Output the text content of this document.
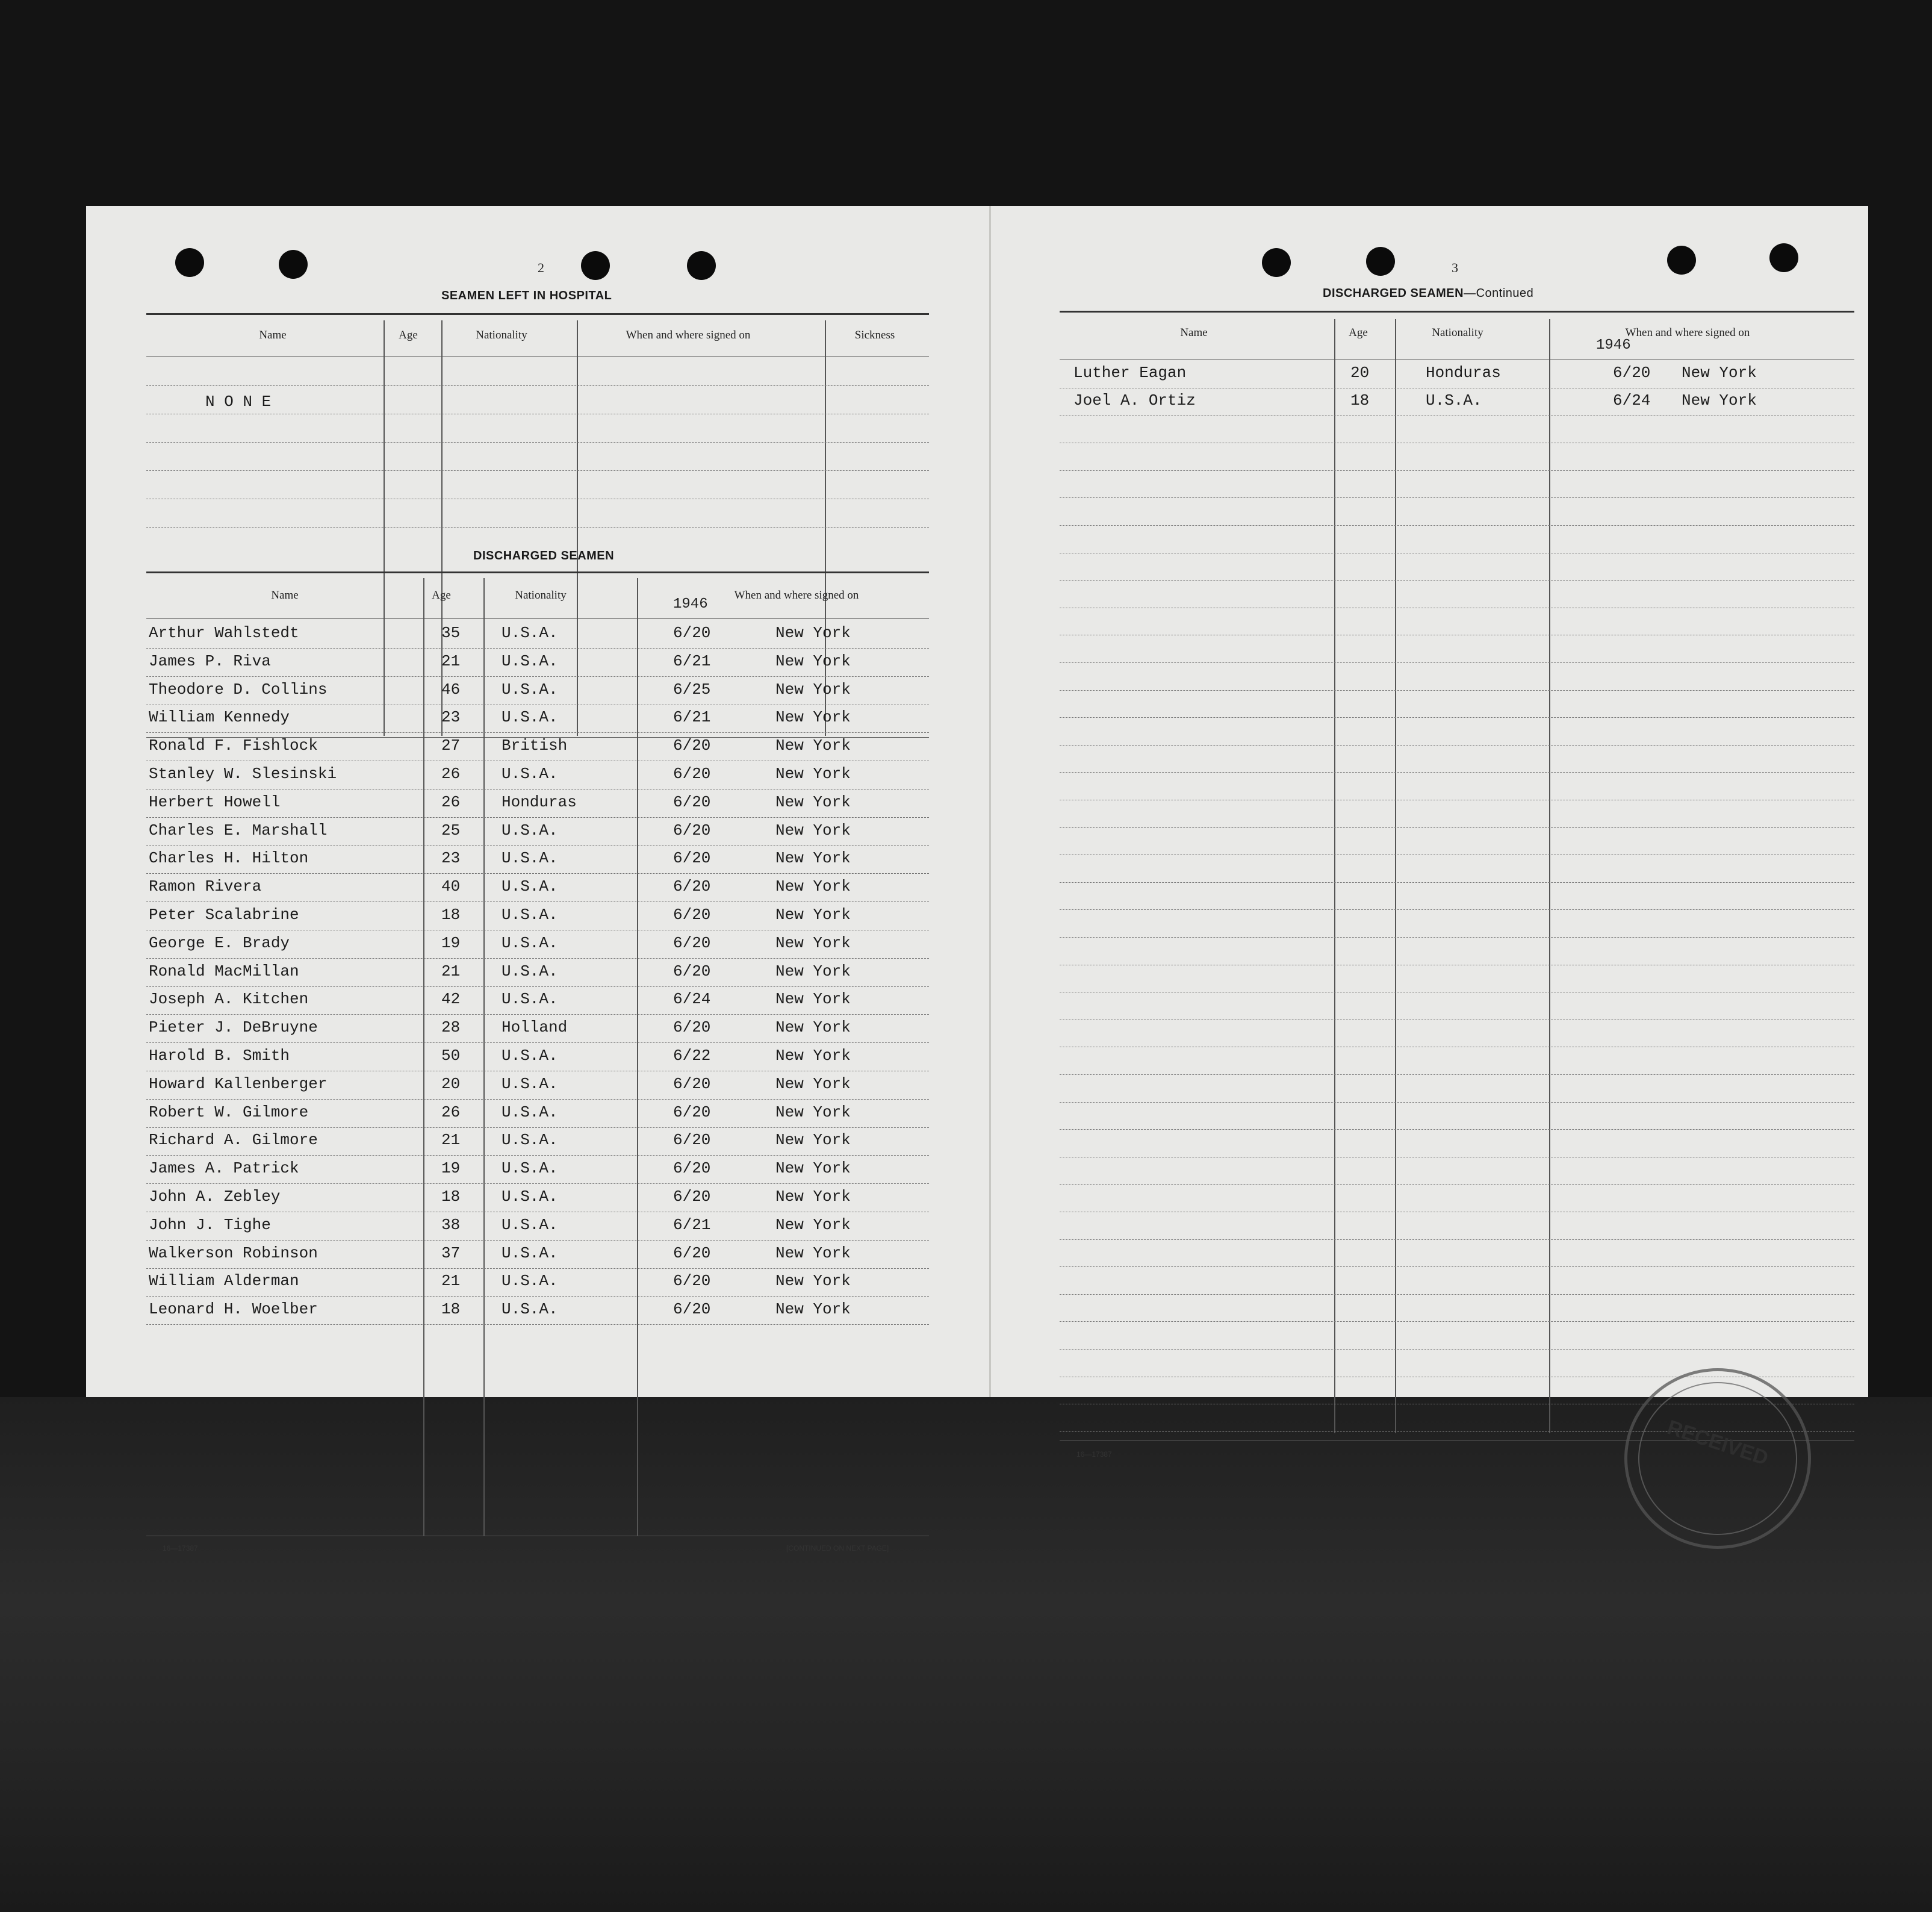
2
SEAMEN LEFT IN HOSPITAL
Name	Age	Nationality	When and where signed on	Sickness
N O N E
DISCHARGED SEAMEN
Name	Age	Nationality	When and where signed on
1946
Arthur Wahlstedt	35	U.S.A.	6/20	New York
James P. Riva	21	U.S.A.	6/21	New York
Theodore D. Collins	46	U.S.A.	6/25	New York
William Kennedy	23	U.S.A.	6/21	New York
Ronald F. Fishlock	27	British	6/20	New York
Stanley W. Slesinski	26	U.S.A.	6/20	New York
Herbert Howell	26	Honduras	6/20	New York
Charles E. Marshall	25	U.S.A.	6/20	New York
Charles H. Hilton	23	U.S.A.	6/20	New York
Ramon Rivera	40	U.S.A.	6/20	New York
Peter Scalabrine	18	U.S.A.	6/20	New York
George E. Brady	19	U.S.A.	6/20	New York
Ronald MacMillan	21	U.S.A.	6/20	New York
Joseph A. Kitchen	42	U.S.A.	6/24	New York
Pieter J. DeBruyne	28	Holland	6/20	New York
Harold B. Smith	50	U.S.A.	6/22	New York
Howard Kallenberger	20	U.S.A.	6/20	New York
Robert W. Gilmore	26	U.S.A.	6/20	New York
Richard A. Gilmore	21	U.S.A.	6/20	New York
James A. Patrick	19	U.S.A.	6/20	New York
John A. Zebley	18	U.S.A.	6/20	New York
John J. Tighe	38	U.S.A.	6/21	New York
Walkerson Robinson	37	U.S.A.	6/20	New York
William Alderman	21	U.S.A.	6/20	New York
Leonard H. Woelber	18	U.S.A.	6/20	New York
16—17387	[CONTINUED ON NEXT PAGE]
3
DISCHARGED SEAMEN—Continued
Name	Age	Nationality	When and where signed on
1946
Luther Eagan	20	Honduras	6/20 New York
Joel A. Ortiz	18	U.S.A.	6/24 New York
16—17387	RECEIVED
